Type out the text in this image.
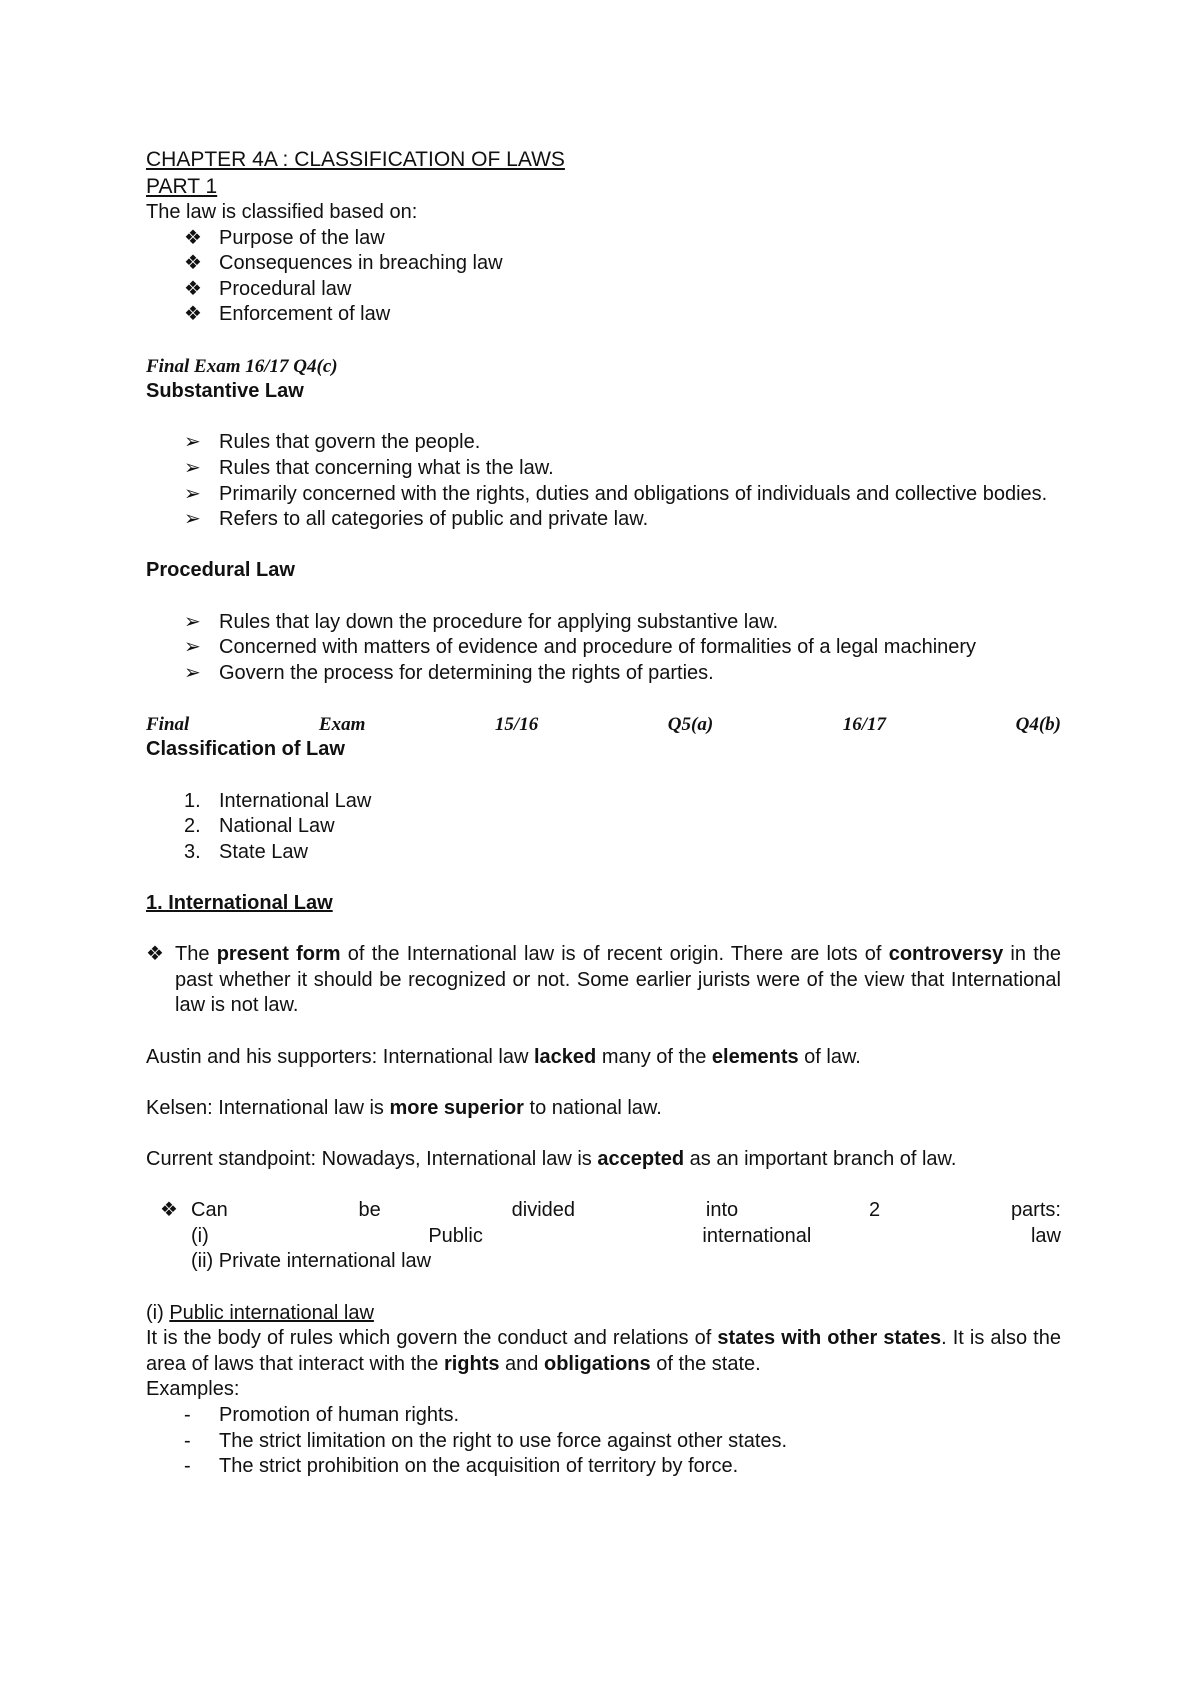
CHAPTER 4A : CLASSIFICATION OF LAWS
PART 1
The law is classified based on:
❖ Purpose of the law
❖ Consequences in breaching law
❖ Procedural law
❖ Enforcement of law
Final Exam 16/17 Q4(c)
Substantive Law
➢ Rules that govern the people.
➢ Rules that concerning what is the law.
➢ Primarily concerned with the rights, duties and obligations of individuals and collective bodies.
➢ Refers to all categories of public and private law.
Procedural Law
➢ Rules that lay down the procedure for applying substantive law.
➢ Concerned with matters of evidence and procedure of formalities of a legal machinery
➢ Govern the process for determining the rights of parties.
Final	Exam	15/16	Q5(a)	16/17	Q4(b)
Classification of Law
1. International Law
2. National Law
3. State Law
1. International Law
❖ The present form of the International law is of recent origin. There are lots of controversy in the past whether it should be recognized or not. Some earlier jurists were of the view that International law is not law.
Austin and his supporters: International law lacked many of the elements of law.
Kelsen: International law is more superior to national law.
Current standpoint: Nowadays, International law is accepted as an important branch of law.
❖ Can	be	divided	into	2	parts:
(i)	Public	international	law
(ii) Private international law
(i) Public international law
It is the body of rules which govern the conduct and relations of states with other states. It is also the area of laws that interact with the rights and obligations of the state.
Examples:
- Promotion of human rights.
- The strict limitation on the right to use force against other states.
- The strict prohibition on the acquisition of territory by force.
